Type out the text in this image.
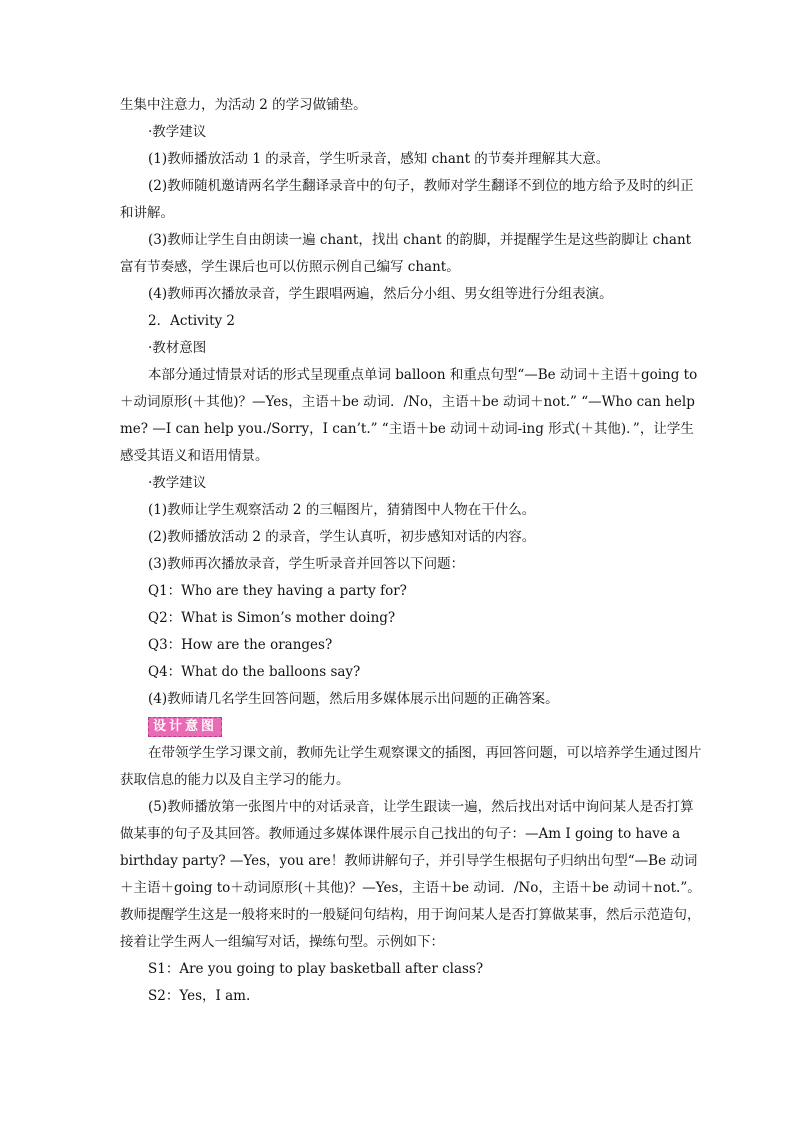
生集中注意力，为活动 2 的学习做铺垫。
·教学建议
(1)教师播放活动 1 的录音，学生听录音，感知 chant 的节奏并理解其大意。
(2)教师随机邀请两名学生翻译录音中的句子，教师对学生翻译不到位的地方给予及时的纠正和讲解。
(3)教师让学生自由朗读一遍 chant，找出 chant 的韵脚，并提醒学生是这些韵脚让 chant 富有节奏感，学生课后也可以仿照示例自己编写 chant。
(4)教师再次播放录音，学生跟唱两遍，然后分小组、男女组等进行分组表演。
2．Activity 2
·教材意图
本部分通过情景对话的形式呈现重点单词 balloon 和重点句型“—Be 动词＋主语＋going to＋动词原形(＋其他)？—Yes，主语＋be 动词．/No，主语＋be 动词＋not.” “—Who can help me? —I can help you./Sorry，I can’t.” “主语＋be 动词＋动词-ing 形式(＋其他)．”，让学生感受其语义和语用情景。
·教学建议
(1)教师让学生观察活动 2 的三幅图片，猜猜图中人物在干什么。
(2)教师播放活动 2 的录音，学生认真听，初步感知对话的内容。
(3)教师再次播放录音，学生听录音并回答以下问题：
Q1：Who are they having a party for?
Q2：What is Simon’s mother doing?
Q3：How are the oranges?
Q4：What do the balloons say?
(4)教师请几名学生回答问题，然后用多媒体展示出问题的正确答案。
设 计 意 图
在带领学生学习课文前，教师先让学生观察课文的插图，再回答问题，可以培养学生通过图片获取信息的能力以及自主学习的能力。
(5)教师播放第一张图片中的对话录音，让学生跟读一遍，然后找出对话中询问某人是否打算做某事的句子及其回答。教师通过多媒体课件展示自己找出的句子：—Am I going to have a birthday party? —Yes，you are！教师讲解句子，并引导学生根据句子归纳出句型“—Be 动词＋主语＋going to＋动词原形(＋其他)？—Yes，主语＋be 动词．/No，主语＋be 动词＋not.”。教师提醒学生这是一般将来时的一般疑问句结构，用于询问某人是否打算做某事，然后示范造句，接着让学生两人一组编写对话，操练句型。示例如下：
S1：Are you going to play basketball after class?
S2：Yes，I am.
